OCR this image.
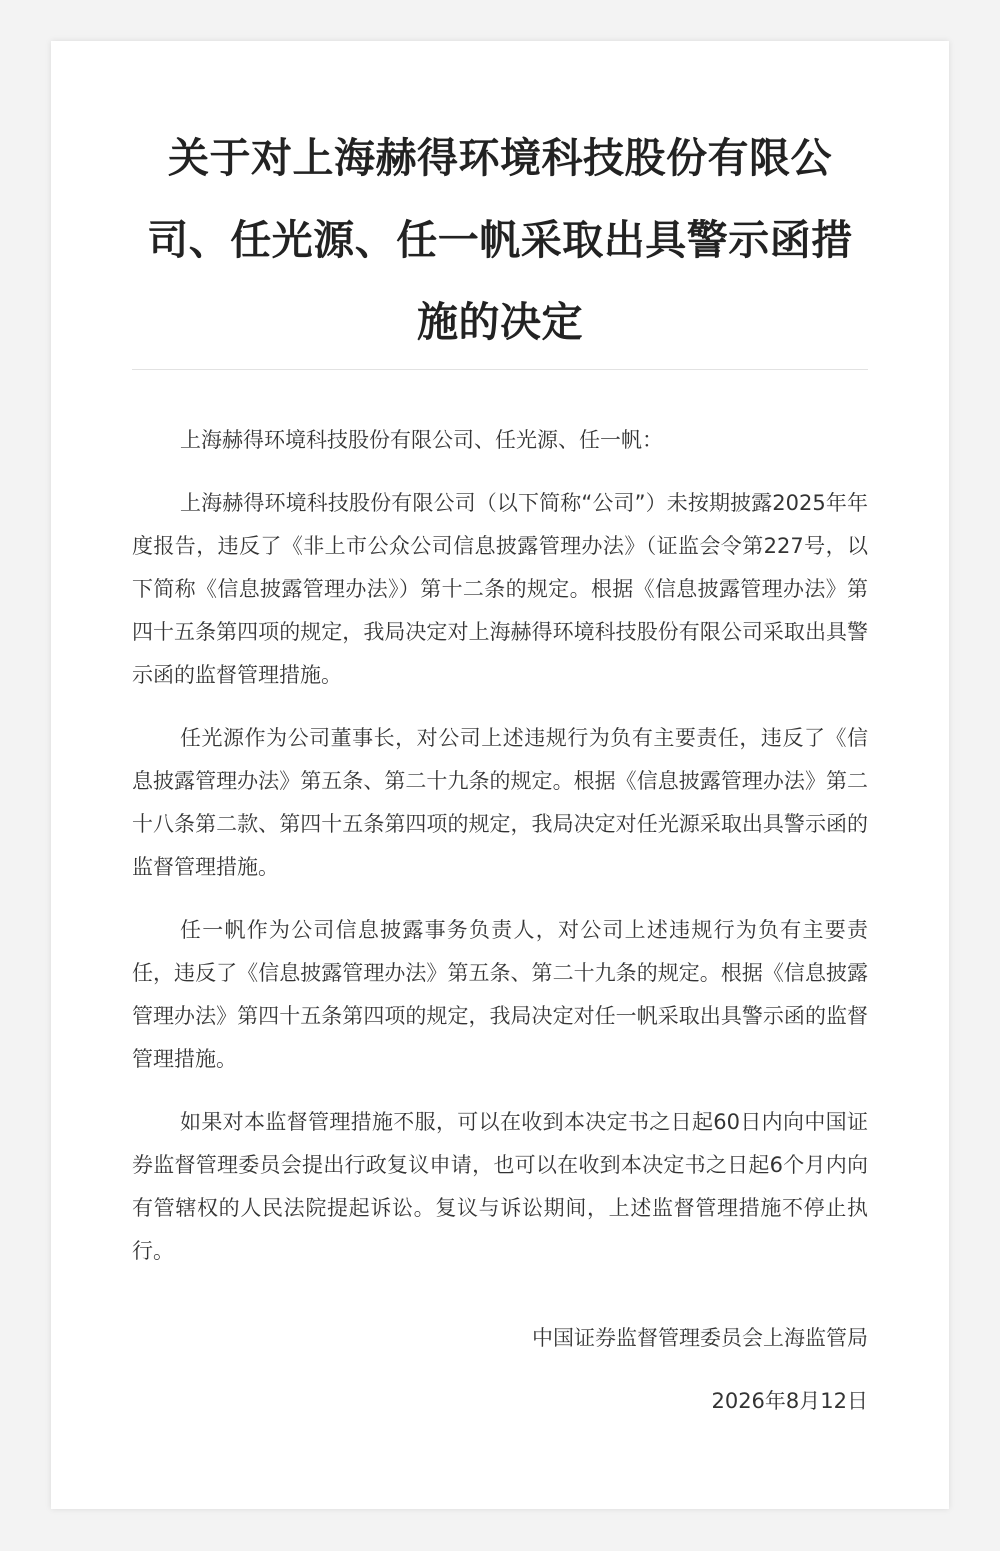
关于对上海赫得环境科技股份有限公司、任光源、任一帆采取出具警示函措施的决定

上海赫得环境科技股份有限公司、任光源、任一帆：

上海赫得环境科技股份有限公司（以下简称“公司”）未按期披露2025年年度报告，违反了《非上市公众公司信息披露管理办法》（证监会令第227号，以下简称《信息披露管理办法》）第十二条的规定。根据《信息披露管理办法》第四十五条第四项的规定，我局决定对上海赫得环境科技股份有限公司采取出具警示函的监督管理措施。

任光源作为公司董事长，对公司上述违规行为负有主要责任，违反了《信息披露管理办法》第五条、第二十九条的规定。根据《信息披露管理办法》第二十八条第二款、第四十五条第四项的规定，我局决定对任光源采取出具警示函的监督管理措施。

任一帆作为公司信息披露事务负责人，对公司上述违规行为负有主要责任，违反了《信息披露管理办法》第五条、第二十九条的规定。根据《信息披露管理办法》第四十五条第四项的规定，我局决定对任一帆采取出具警示函的监督管理措施。

如果对本监督管理措施不服，可以在收到本决定书之日起60日内向中国证券监督管理委员会提出行政复议申请，也可以在收到本决定书之日起6个月内向有管辖权的人民法院提起诉讼。复议与诉讼期间，上述监督管理措施不停止执行。

中国证券监督管理委员会上海监管局

2026年8月12日
